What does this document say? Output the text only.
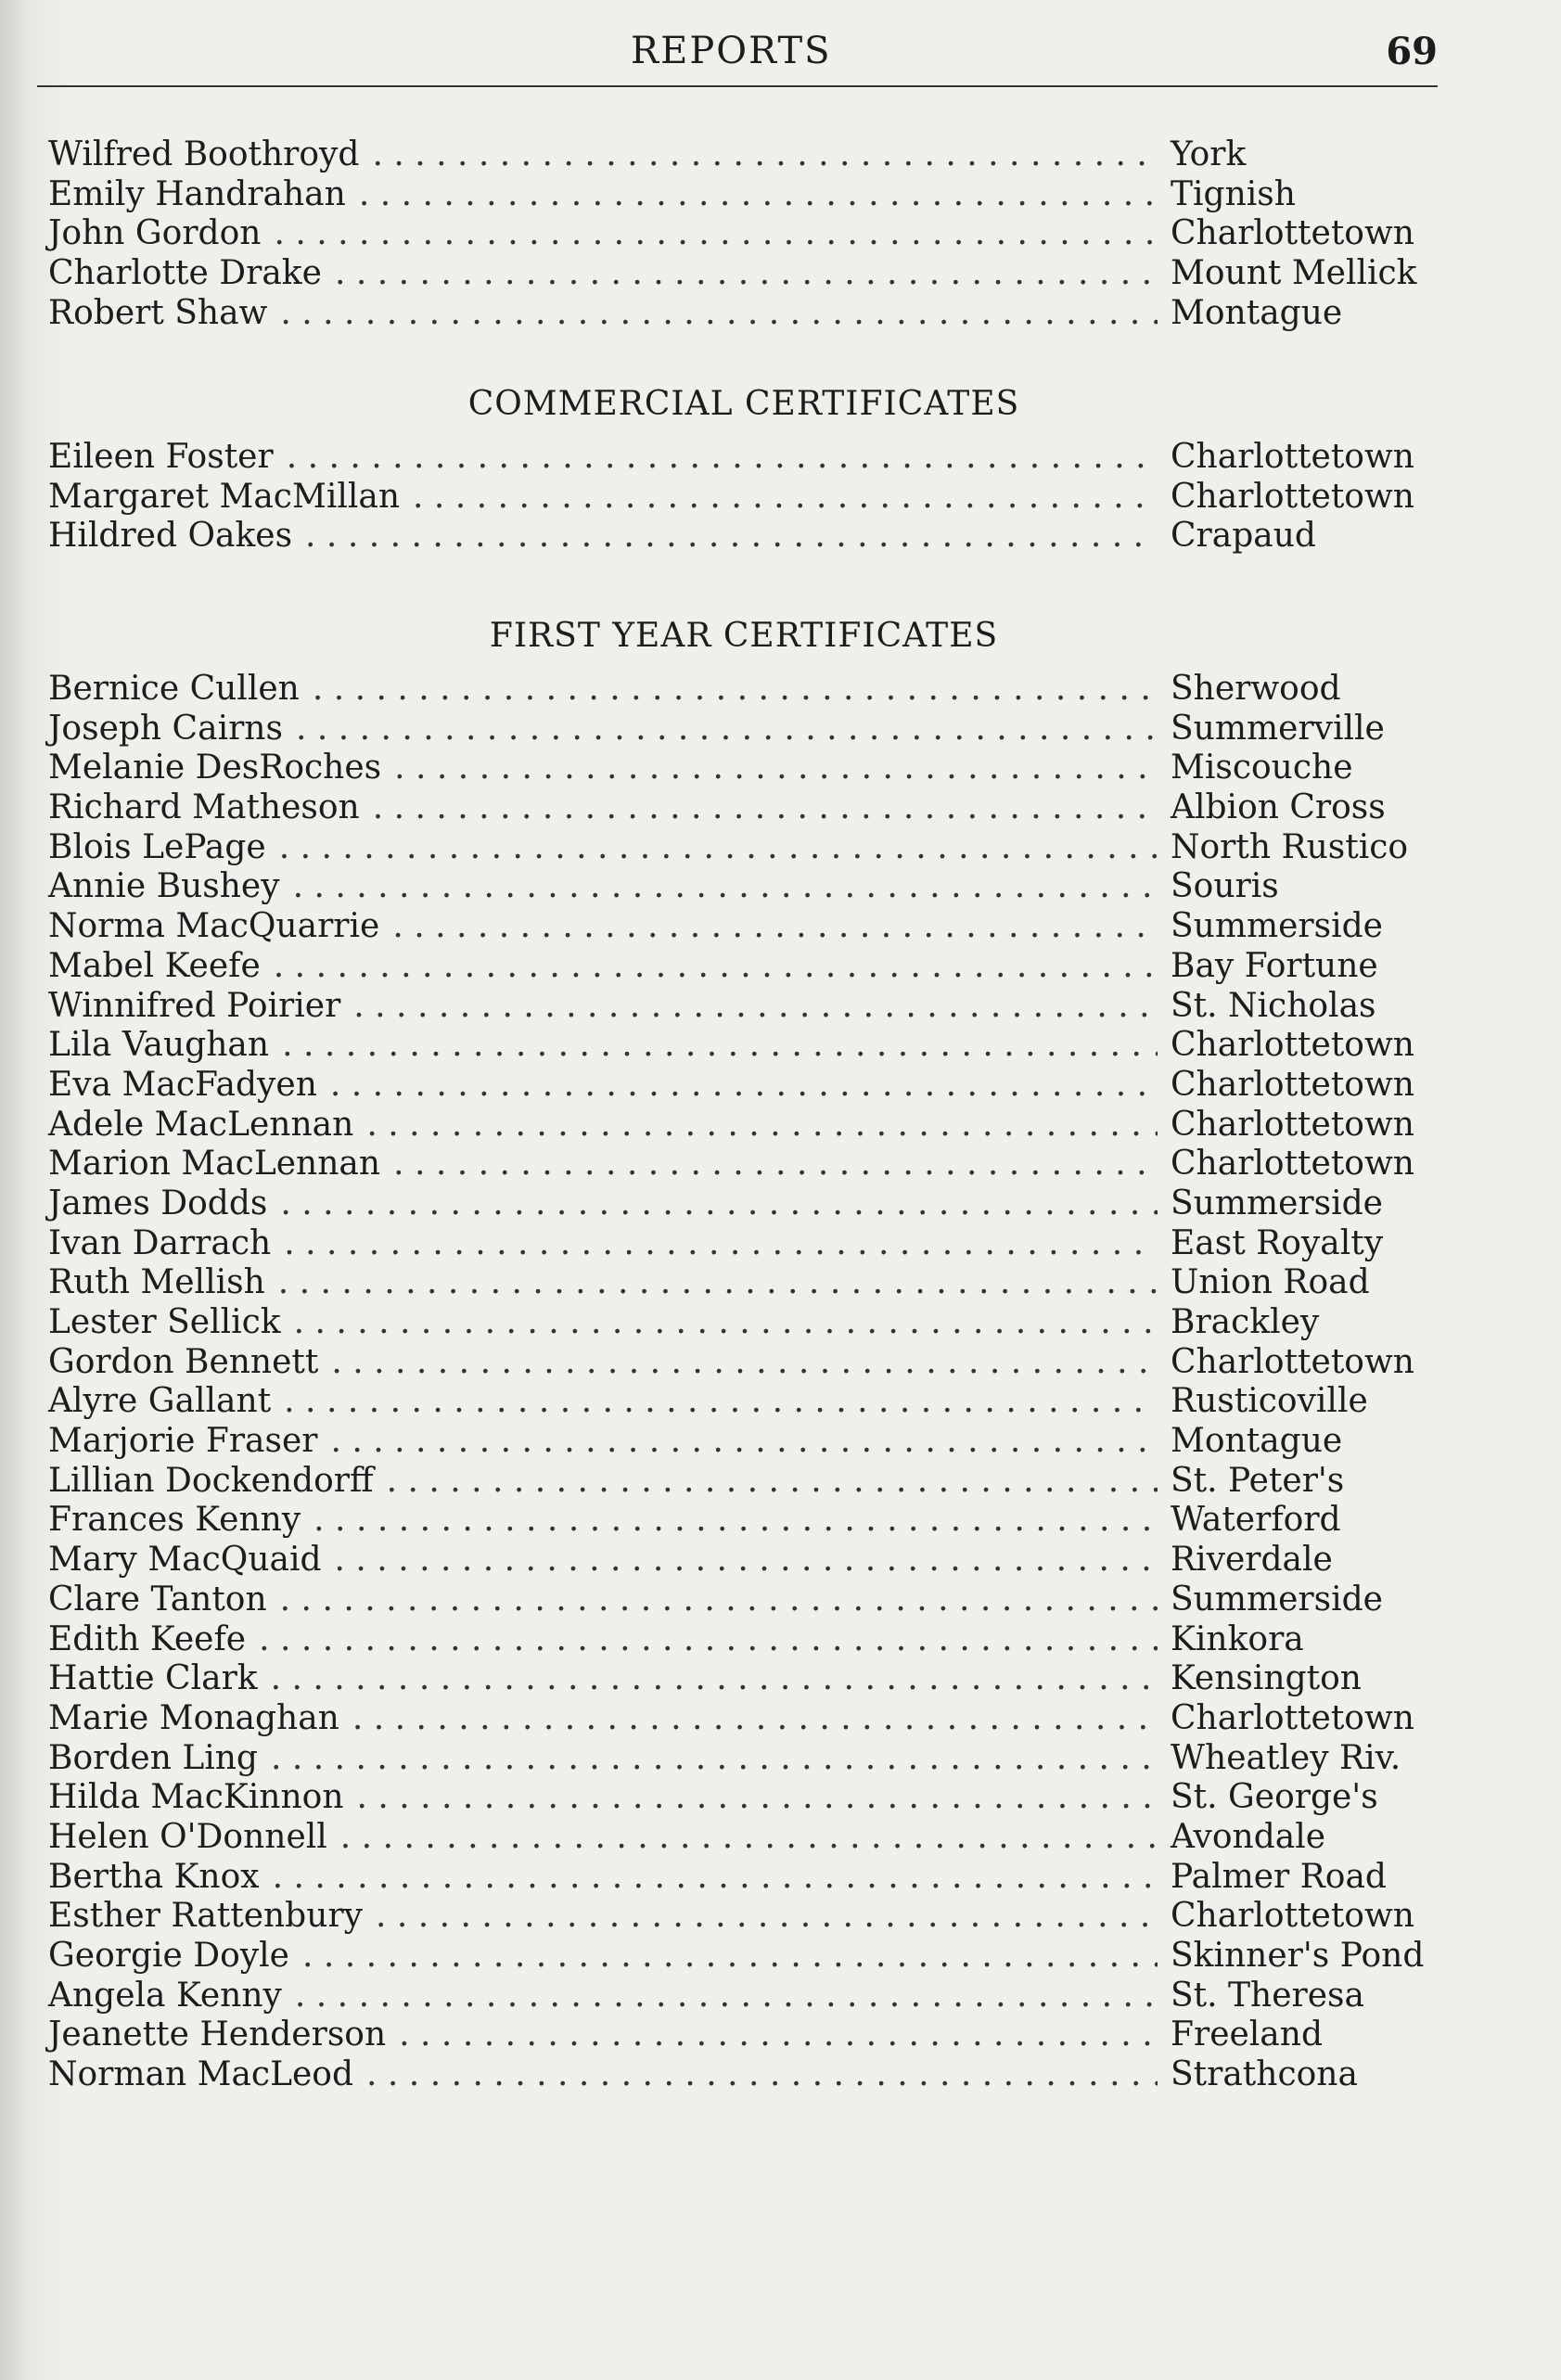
REPORTS	69
Wilfred Boothroyd . . .	York
Emily Handrahan . . .	Tignish
John Gordon . . .	Charlottetown
Charlotte Drake . . .	Mount Mellick
Robert Shaw . . .	Montague
COMMERCIAL CERTIFICATES
Eileen Foster . . .	Charlottetown
Margaret MacMillan . . .	Charlottetown
Hildred Oakes . . .	Crapaud
FIRST YEAR CERTIFICATES
Bernice Cullen . . .	Sherwood
Joseph Cairns . . .	Summerville
Melanie DesRoches . . .	Miscouche
Richard Matheson . . .	Albion Cross
Blois LePage . . .	North Rustico
Annie Bushey . . .	Souris
Norma MacQuarrie . . .	Summerside
Mabel Keefe . . .	Bay Fortune
Winnifred Poirier . . .	St. Nicholas
Lila Vaughan . . .	Charlottetown
Eva MacFadyen . . .	Charlottetown
Adele MacLennan . . .	Charlottetown
Marion MacLennan . . .	Charlottetown
James Dodds . . .	Summerside
Ivan Darrach . . .	East Royalty
Ruth Mellish . . .	Union Road
Lester Sellick . . .	Brackley
Gordon Bennett . . .	Charlottetown
Alyre Gallant . . .	Rusticoville
Marjorie Fraser . . .	Montague
Lillian Dockendorff . . .	St. Peter's
Frances Kenny . . .	Waterford
Mary MacQuaid . . .	Riverdale
Clare Tanton . . .	Summerside
Edith Keefe . . .	Kinkora
Hattie Clark . . .	Kensington
Marie Monaghan . . .	Charlottetown
Borden Ling . . .	Wheatley Riv.
Hilda MacKinnon . . .	St. George's
Helen O'Donnell . . .	Avondale
Bertha Knox . . .	Palmer Road
Esther Rattenbury . . .	Charlottetown
Georgie Doyle . . .	Skinner's Pond
Angela Kenny . . .	St. Theresa
Jeanette Henderson . . .	Freeland
Norman MacLeod . . .	Strathcona
